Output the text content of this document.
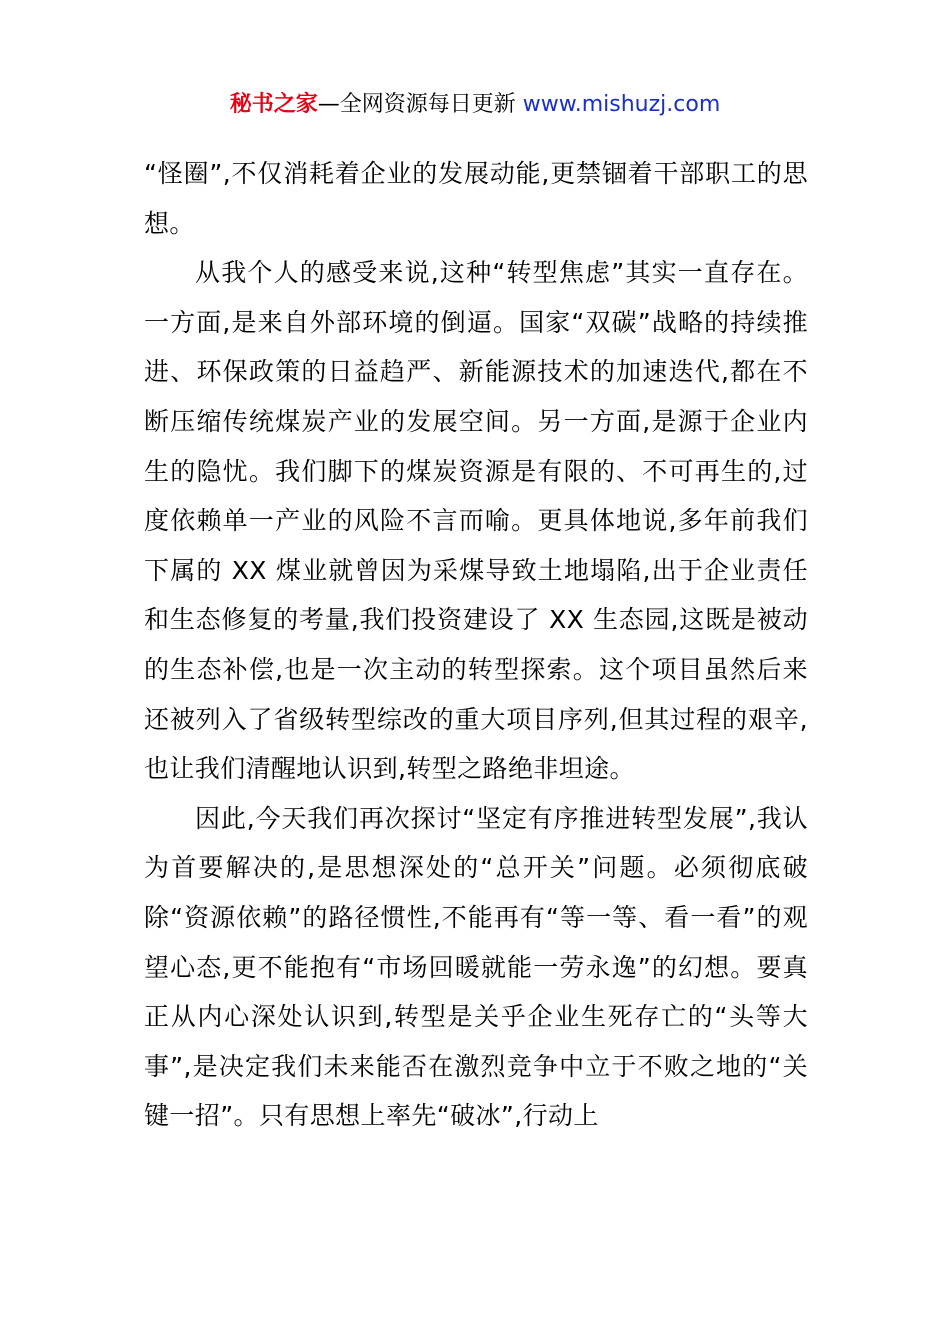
秘书之家—全网资源每日更新 www.mishuzj.com

“怪圈”,不仅消耗着企业的发展动能,更禁锢着干部职工的思想。

从我个人的感受来说,这种“转型焦虑”其实一直存在。一方面,是来自外部环境的倒逼。国家“双碳”战略的持续推进、环保政策的日益趋严、新能源技术的加速迭代,都在不断压缩传统煤炭产业的发展空间。另一方面,是源于企业内生的隐忧。我们脚下的煤炭资源是有限的、不可再生的,过度依赖单一产业的风险不言而喻。更具体地说,多年前我们下属的 XX 煤业就曾因为采煤导致土地塌陷,出于企业责任和生态修复的考量,我们投资建设了 XX 生态园,这既是被动的生态补偿,也是一次主动的转型探索。这个项目虽然后来还被列入了省级转型综改的重大项目序列,但其过程的艰辛,也让我们清醒地认识到,转型之路绝非坦途。

因此,今天我们再次探讨“坚定有序推进转型发展”,我认为首要解决的,是思想深处的“总开关”问题。必须彻底破除“资源依赖”的路径惯性,不能再有“等一等、看一看”的观望心态,更不能抱有“市场回暖就能一劳永逸”的幻想。要真正从内心深处认识到,转型是关乎企业生死存亡的“头等大事”,是决定我们未来能否在激烈竞争中立于不败之地的“关键一招”。只有思想上率先“破冰”,行动上
